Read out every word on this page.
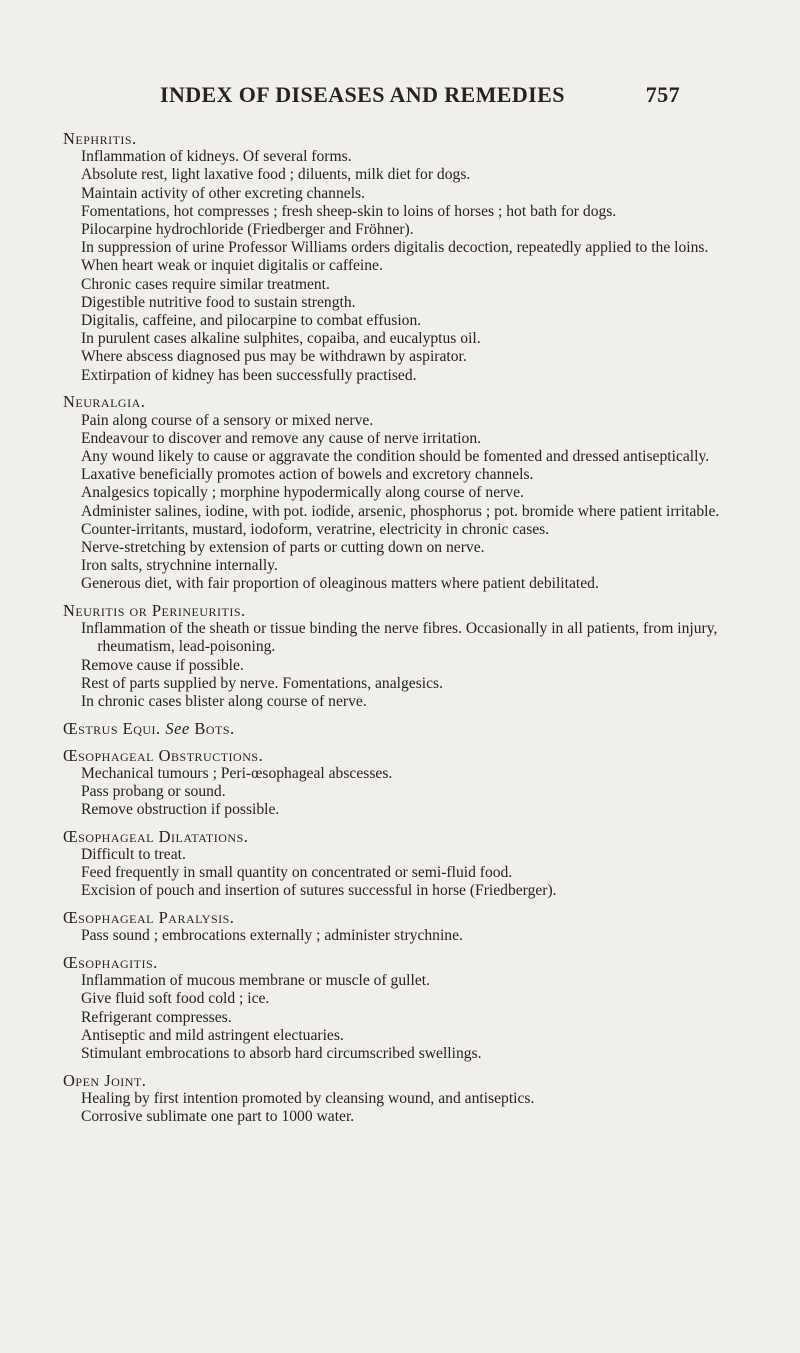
INDEX OF DISEASES AND REMEDIES	757
Nephritis.
Inflammation of kidneys. Of several forms.
Absolute rest, light laxative food ; diluents, milk diet for dogs.
Maintain activity of other excreting channels.
Fomentations, hot compresses ; fresh sheep-skin to loins of horses ; hot bath for dogs.
Pilocarpine hydrochloride (Friedberger and Fröhner).
In suppression of urine Professor Williams orders digitalis decoction, repeatedly applied to the loins.
When heart weak or inquiet digitalis or caffeine.
Chronic cases require similar treatment.
Digestible nutritive food to sustain strength.
Digitalis, caffeine, and pilocarpine to combat effusion.
In purulent cases alkaline sulphites, copaiba, and eucalyptus oil.
Where abscess diagnosed pus may be withdrawn by aspirator.
Extirpation of kidney has been successfully practised.
Neuralgia.
Pain along course of a sensory or mixed nerve.
Endeavour to discover and remove any cause of nerve irritation.
Any wound likely to cause or aggravate the condition should be fomented and dressed antiseptically.
Laxative beneficially promotes action of bowels and excretory channels.
Analgesics topically ; morphine hypodermically along course of nerve.
Administer salines, iodine, with pot. iodide, arsenic, phosphorus ; pot. bromide where patient irritable.
Counter-irritants, mustard, iodoform, veratrine, electricity in chronic cases.
Nerve-stretching by extension of parts or cutting down on nerve.
Iron salts, strychnine internally.
Generous diet, with fair proportion of oleaginous matters where patient debilitated.
Neuritis or Perineuritis.
Inflammation of the sheath or tissue binding the nerve fibres. Occasionally in all patients, from injury, rheumatism, lead-poisoning.
Remove cause if possible.
Rest of parts supplied by nerve. Fomentations, analgesics.
In chronic cases blister along course of nerve.
Œstrus Equi. See Bots.
Œsophageal Obstructions.
Mechanical tumours ; Peri-œsophageal abscesses.
Pass probang or sound.
Remove obstruction if possible.
Œsophageal Dilatations.
Difficult to treat.
Feed frequently in small quantity on concentrated or semi-fluid food.
Excision of pouch and insertion of sutures successful in horse (Friedberger).
Œsophageal Paralysis.
Pass sound ; embrocations externally ; administer strychnine.
Œsophagitis.
Inflammation of mucous membrane or muscle of gullet.
Give fluid soft food cold ; ice.
Refrigerant compresses.
Antiseptic and mild astringent electuaries.
Stimulant embrocations to absorb hard circumscribed swellings.
Open Joint.
Healing by first intention promoted by cleansing wound, and antiseptics.
Corrosive sublimate one part to 1000 water.
